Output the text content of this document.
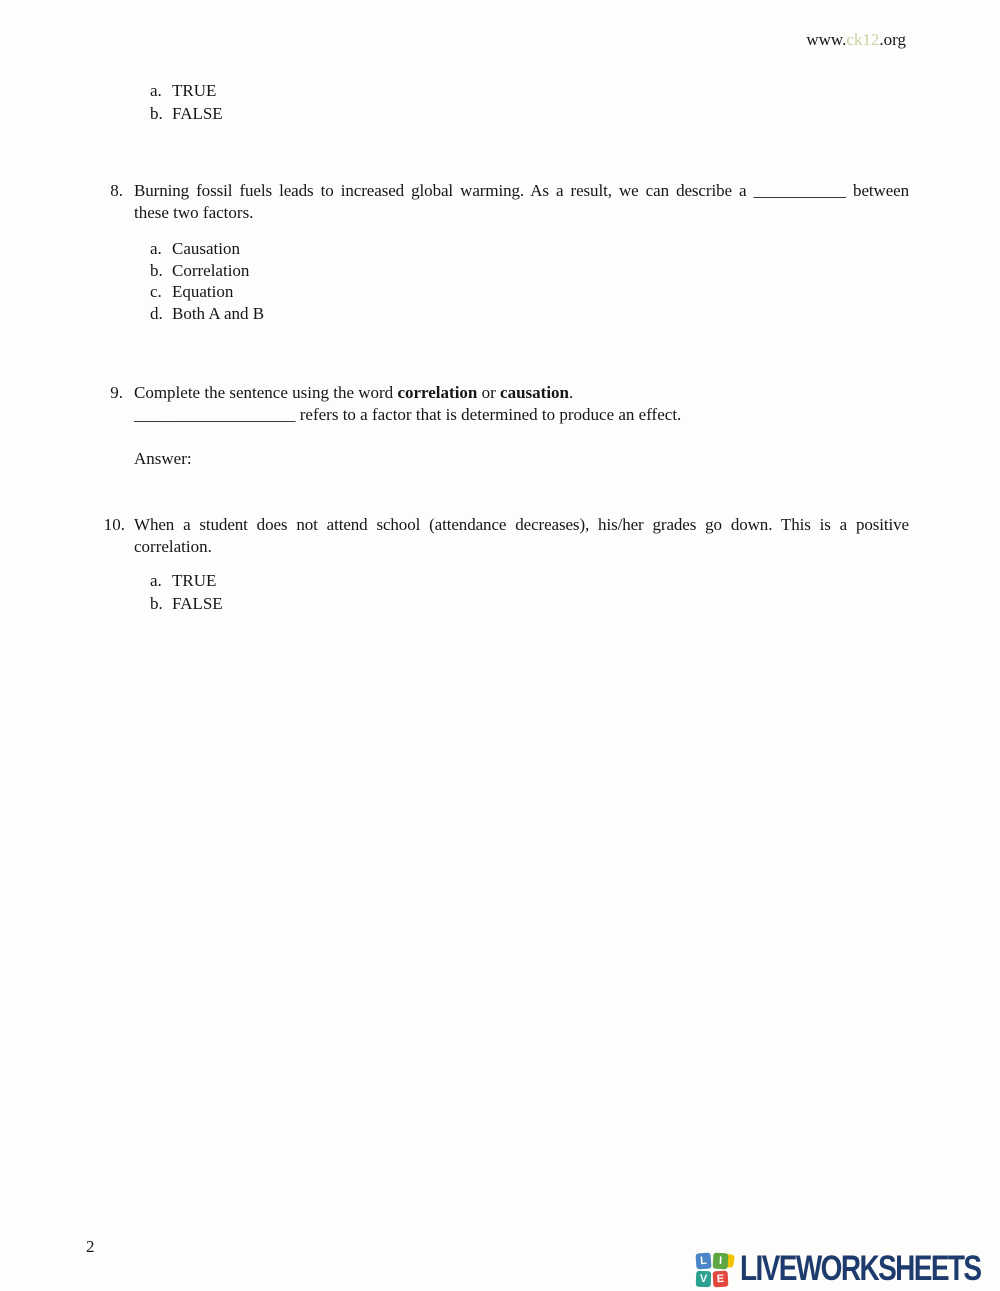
www.ck12.org
a. TRUE
b. FALSE
8. Burning fossil fuels leads to increased global warming. As a result, we can describe a ___________ between
these two factors.
a. Causation
b. Correlation
c. Equation
d. Both A and B
9. Complete the sentence using the word correlation or causation.
___________________ refers to a factor that is determined to produce an effect.
Answer:
10. When a student does not attend school (attendance decreases), his/her grades go down. This is a positive
correlation.
a. TRUE
b. FALSE
2
L	I
V E LIVEWORKSHEETS
